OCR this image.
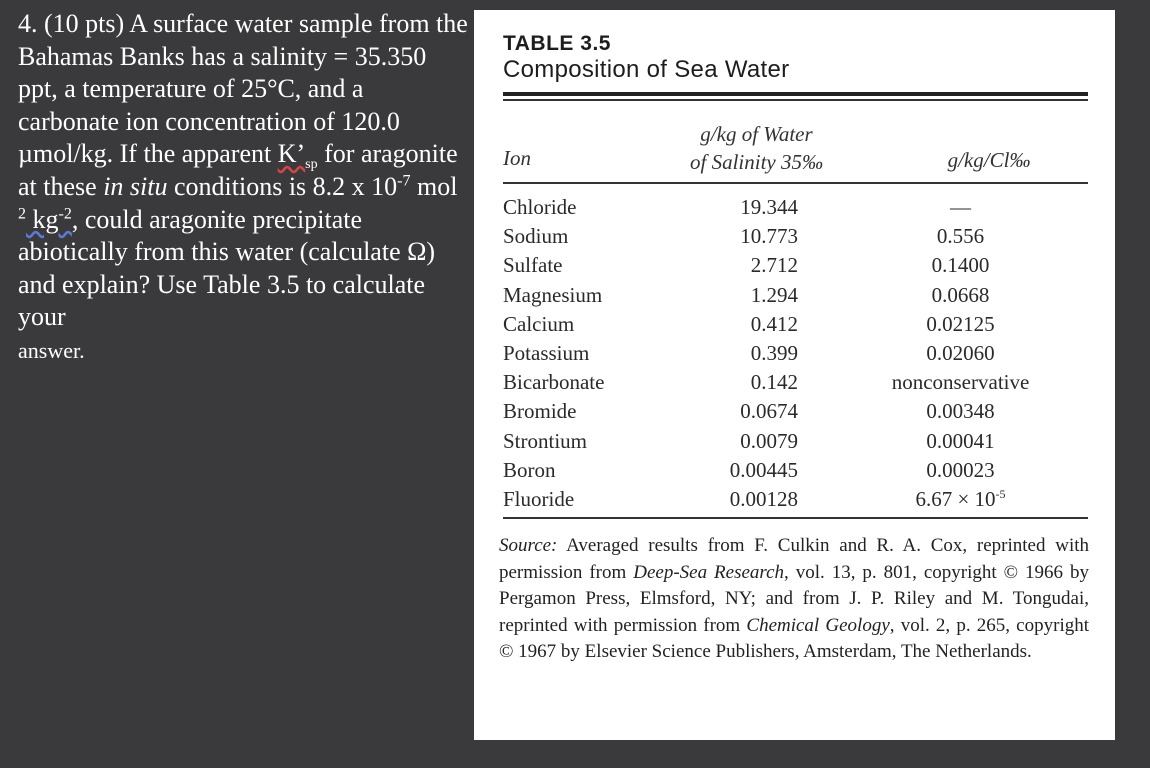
4. (10 pts) A surface water sample from the Bahamas Banks has a salinity = 35.350 ppt, a temperature of 25°C, and a carbonate ion concentration of 120.0 µmol/kg. If the apparent $K’_{sp}$ for aragonite at these in situ conditions is 8.2 x $10^{-7}$ mol $^2$ $kg^{-2}$, could aragonite precipitate abiotically from this water (calculate Ω) and explain? Use Table 3.5 to calculate your
answer.
TABLE 3.5
Composition of Sea Water
Ion
g/kg of Water
of Salinity 35‰	g/kg/Cl‰
Chloride	19.344	—
Sodium	10.773	0.556
Sulfate	2.712	0.1400
Magnesium	1.294	0.0668
Calcium	0.412	0.02125
Potassium	0.399	0.02060
Bicarbonate	0.142	nonconservative
Bromide	0.0674	0.00348
Strontium	0.0079	0.00041
Boron	0.00445	0.00023
Fluoride	0.00128	$6.67 \times 10^{-5}$
Source: Averaged results from F. Culkin and R. A. Cox, reprinted with permission from Deep-Sea Research, vol. 13, p. 801, copyright © 1966 by Pergamon Press, Elmsford, NY; and from J. P. Riley and M. Tongudai, reprinted with permission from Chemical Geology, vol. 2, p. 265, copyright © 1967 by Elsevier Science Publishers, Amsterdam, The Netherlands.
